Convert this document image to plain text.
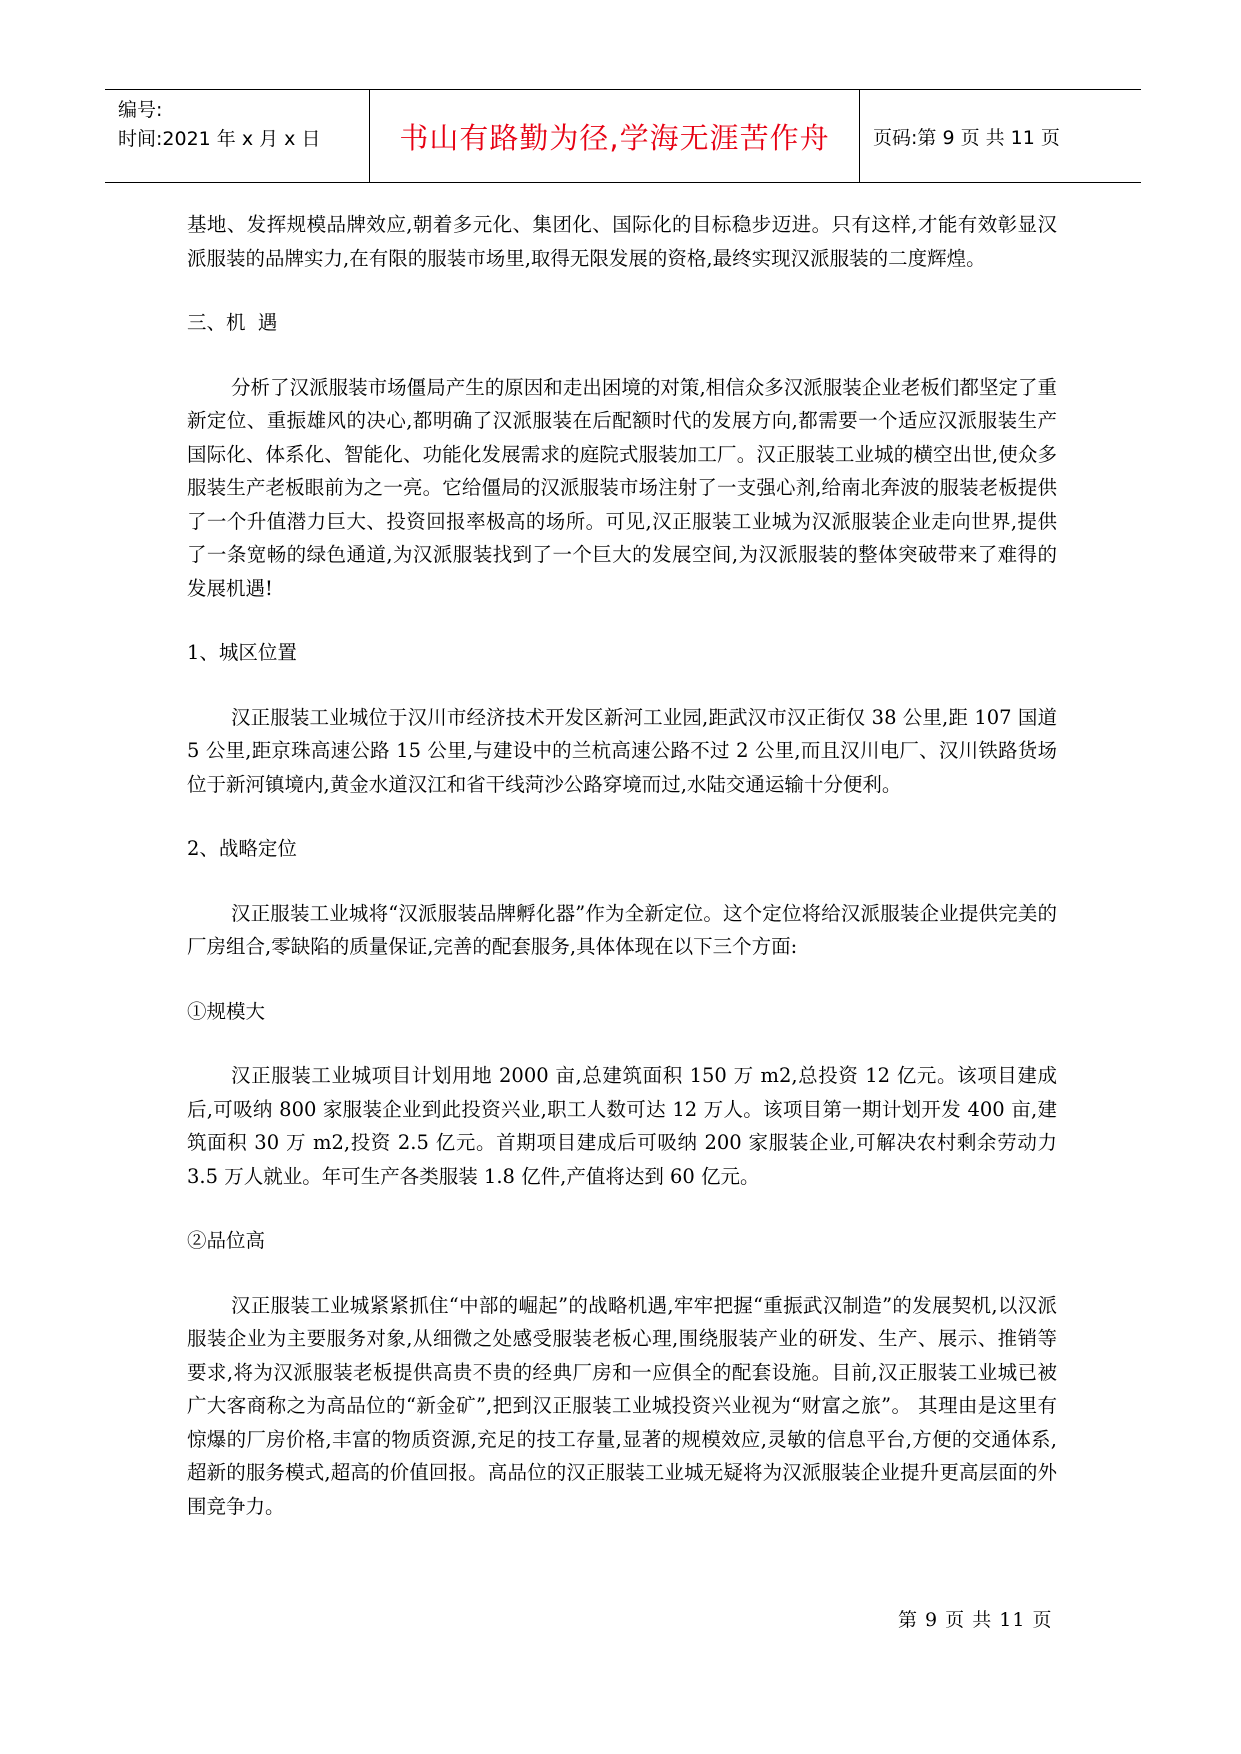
编号:
时间:2021 年 x 月 x 日	书山有路勤为径,学海无涯苦作舟	页码:第 9 页 共 11 页

基地、发挥规模品牌效应,朝着多元化、集团化、国际化的目标稳步迈进。只有这样,才能有效彰显汉派服装的品牌实力,在有限的服装市场里,取得无限发展的资格,最终实现汉派服装的二度辉煌。

三、机  遇

分析了汉派服装市场僵局产生的原因和走出困境的对策,相信众多汉派服装企业老板们都坚定了重新定位、重振雄风的决心,都明确了汉派服装在后配额时代的发展方向,都需要一个适应汉派服装生产国际化、体系化、智能化、功能化发展需求的庭院式服装加工厂。汉正服装工业城的横空出世,使众多服装生产老板眼前为之一亮。它给僵局的汉派服装市场注射了一支强心剂,给南北奔波的服装老板提供了一个升值潜力巨大、投资回报率极高的场所。可见,汉正服装工业城为汉派服装企业走向世界,提供了一条宽畅的绿色通道,为汉派服装找到了一个巨大的发展空间,为汉派服装的整体突破带来了难得的发展机遇!

1、城区位置

汉正服装工业城位于汉川市经济技术开发区新河工业园,距武汉市汉正街仅 38 公里,距 107 国道 5 公里,距京珠高速公路 15 公里,与建设中的兰杭高速公路不过 2 公里,而且汉川电厂、汉川铁路货场位于新河镇境内,黄金水道汉江和省干线菏沙公路穿境而过,水陆交通运输十分便利。

2、战略定位

汉正服装工业城将“汉派服装品牌孵化器”作为全新定位。这个定位将给汉派服装企业提供完美的厂房组合,零缺陷的质量保证,完善的配套服务,具体体现在以下三个方面:

①规模大

汉正服装工业城项目计划用地 2000 亩,总建筑面积 150 万 m2,总投资 12 亿元。该项目建成后,可吸纳 800 家服装企业到此投资兴业,职工人数可达 12 万人。该项目第一期计划开发 400 亩,建筑面积 30 万 m2,投资 2.5 亿元。首期项目建成后可吸纳 200 家服装企业,可解决农村剩余劳动力 3.5 万人就业。年可生产各类服装 1.8 亿件,产值将达到 60 亿元。

②品位高

汉正服装工业城紧紧抓住“中部的崛起”的战略机遇,牢牢把握“重振武汉制造”的发展契机,以汉派服装企业为主要服务对象,从细微之处感受服装老板心理,围绕服装产业的研发、生产、展示、推销等要求,将为汉派服装老板提供高贵不贵的经典厂房和一应俱全的配套设施。目前,汉正服装工业城已被广大客商称之为高品位的“新金矿”,把到汉正服装工业城投资兴业视为“财富之旅”。 其理由是这里有惊爆的厂房价格,丰富的物质资源,充足的技工存量,显著的规模效应,灵敏的信息平台,方便的交通体系,超新的服务模式,超高的价值回报。高品位的汉正服装工业城无疑将为汉派服装企业提升更高层面的外围竞争力。

第 9 页 共 11 页
